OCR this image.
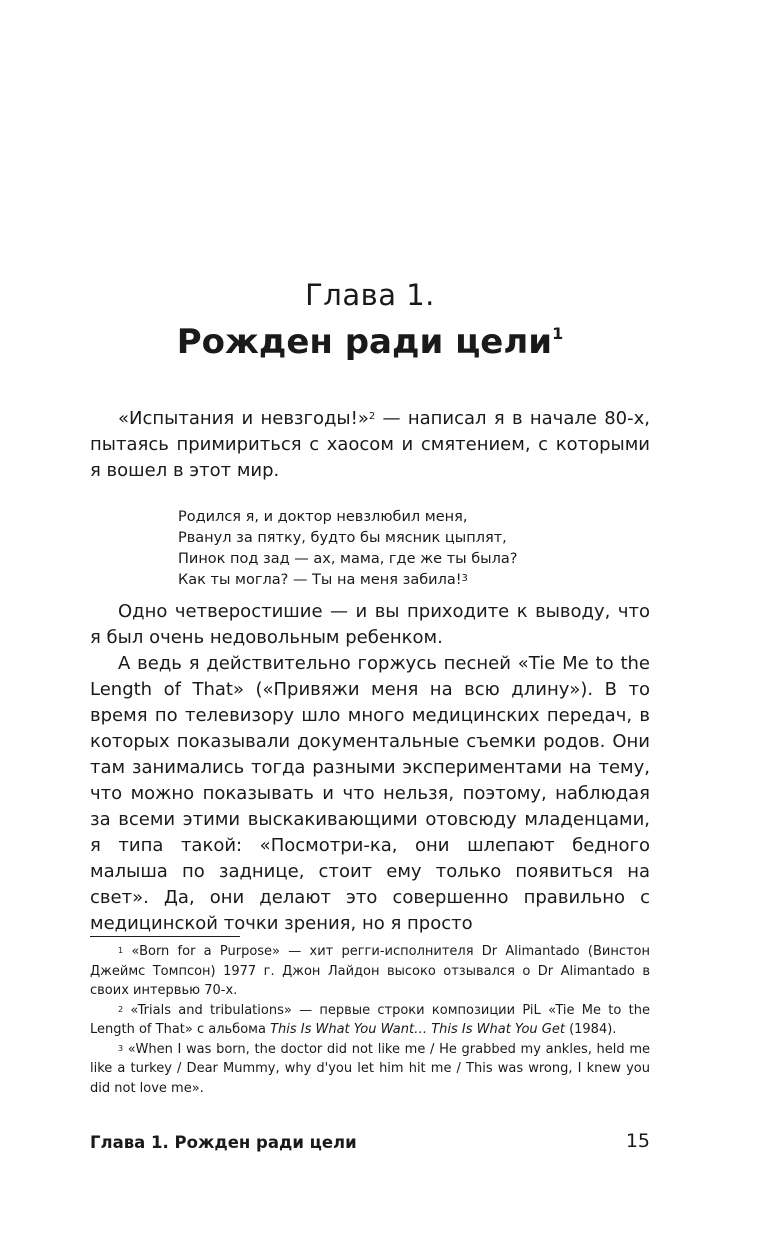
Глава 1.
Рожден ради цели$^1$

«Испытания и невзгоды!»$^2$ — написал я в начале 80-х, пытаясь примириться с хаосом и смятением, с которыми я вошел в этот мир.

Родился я, и доктор невзлюбил меня,
Рванул за пятку, будто бы мясник цыплят,
Пинок под зад — ах, мама, где же ты была?
Как ты могла? — Ты на меня забила!$^3$

Одно четверостишие — и вы приходите к выводу, что я был очень недовольным ребенком.

А ведь я действительно горжусь песней «Tie Me to the Length of That» («Привяжи меня на всю длину»). В то время по телевизору шло много медицинских передач, в которых показывали документальные съемки родов. Они там занимались тогда разными экспериментами на тему, что можно показывать и что нельзя, поэтому, наблюдая за всеми этими выскакивающими отовсюду младенцами, я типа такой: «Посмотри-ка, они шлепают бедного малыша по заднице, стоит ему только появиться на свет». Да, они делают это совершенно правильно с медицинской точки зрения, но я просто

$^1$ «Born for a Purpose» — хит регги-исполнителя Dr Alimantado (Винстон Джеймс Томпсон) 1977 г. Джон Лайдон высоко отзывался о Dr Alimantado в своих интервью 70-х.

$^2$ «Trials and tribulations» — первые строки композиции PiL «Tie Me to the Length of That» с альбома This Is What You Want… This Is What You Get (1984).

$^3$ «When I was born, the doctor did not like me / He grabbed my ankles, held me like a turkey / Dear Mummy, why d'you let him hit me / This was wrong, I knew you did not love me».

Глава 1. Рожден ради цели	15
